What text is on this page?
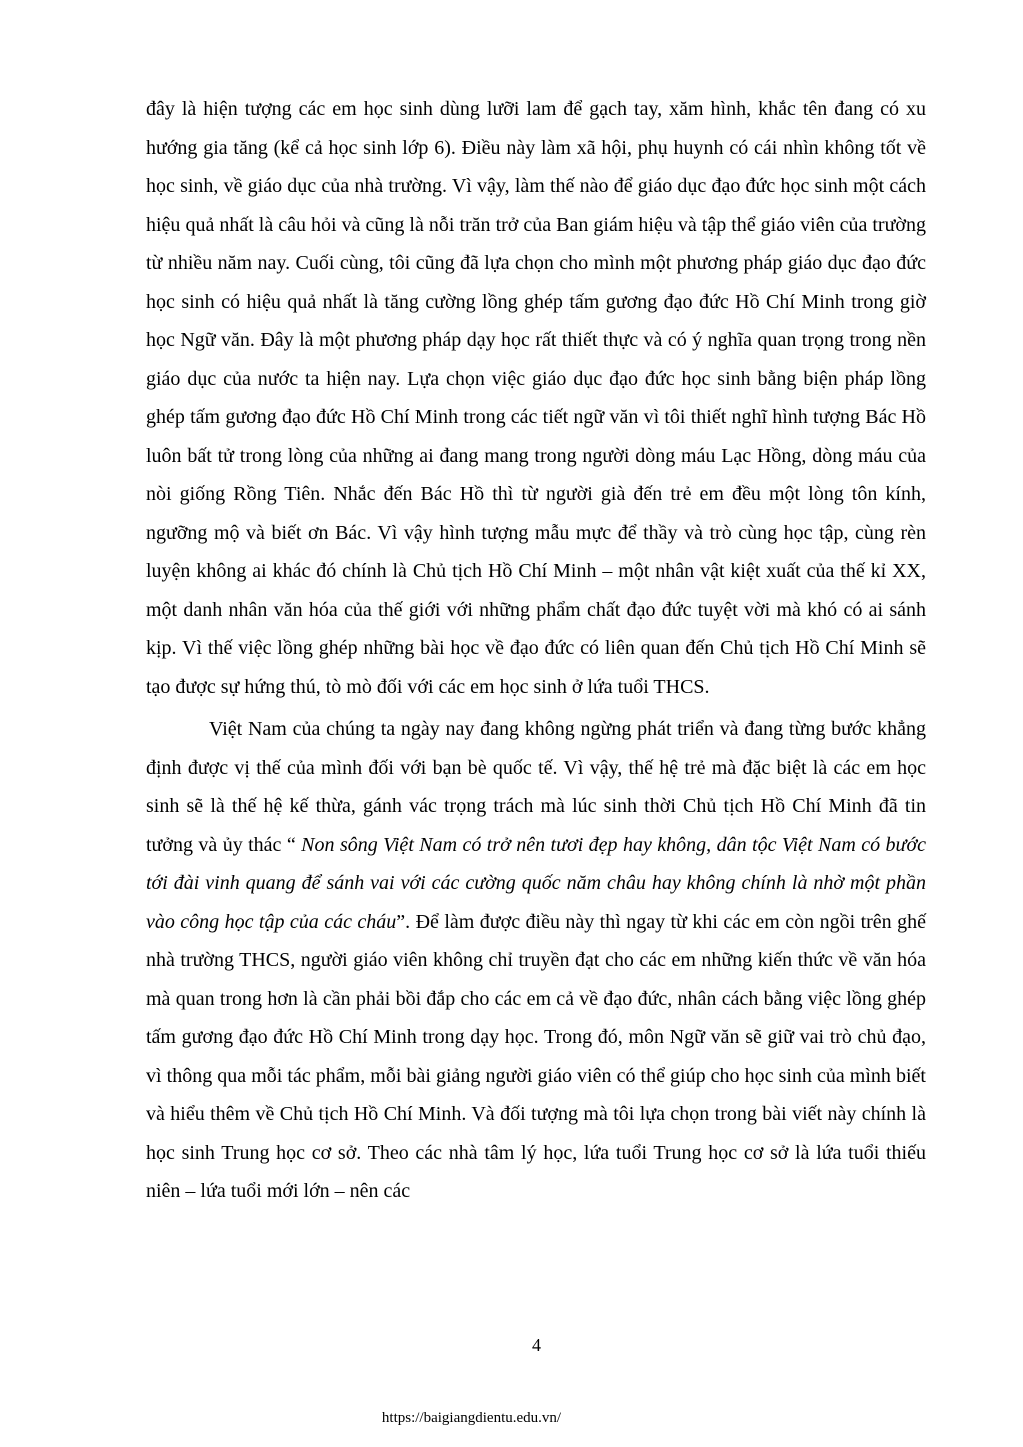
đây là hiện tượng các em học sinh dùng lưỡi lam để gạch tay, xăm hình, khắc tên đang có xu hướng gia tăng (kể cả học sinh lớp 6). Điều này làm xã hội, phụ huynh có cái nhìn không tốt về học sinh, về giáo dục của nhà trường. Vì vậy, làm thế nào để giáo dục đạo đức học sinh một cách hiệu quả nhất là câu hỏi và cũng là nỗi trăn trở của Ban giám hiệu và tập thể giáo viên của trường từ nhiều năm nay. Cuối cùng, tôi cũng đã lựa chọn cho mình một phương pháp giáo dục đạo đức học sinh có hiệu quả nhất là tăng cường lồng ghép tấm gương đạo đức Hồ Chí Minh trong giờ học Ngữ văn. Đây là một phương pháp dạy học rất thiết thực và có ý nghĩa quan trọng trong nền giáo dục của nước ta hiện nay. Lựa chọn việc giáo dục đạo đức học sinh bằng biện pháp lồng ghép tấm gương đạo đức Hồ Chí Minh trong các tiết ngữ văn vì tôi thiết nghĩ hình tượng Bác Hồ luôn bất tử trong lòng của những ai đang mang trong người dòng máu Lạc Hồng, dòng máu của nòi giống Rồng Tiên. Nhắc đến Bác Hồ thì từ người già đến trẻ em đều một lòng tôn kính, ngưỡng mộ và biết ơn Bác. Vì vậy hình tượng mẫu mực để thầy và trò cùng học tập, cùng rèn luyện không ai khác đó chính là Chủ tịch Hồ Chí Minh – một nhân vật kiệt xuất của thế kỉ XX, một danh nhân văn hóa của thế giới với những phẩm chất đạo đức tuyệt vời mà khó có ai sánh kịp. Vì thế việc lồng ghép những bài học về đạo đức có liên quan đến Chủ tịch Hồ Chí Minh sẽ tạo được sự hứng thú, tò mò đối với các em học sinh ở lứa tuổi THCS.

Việt Nam của chúng ta ngày nay đang không ngừng phát triển và đang từng bước khẳng định được vị thế của mình đối với bạn bè quốc tế. Vì vậy, thế hệ trẻ mà đặc biệt là các em học sinh sẽ là thế hệ kế thừa, gánh vác trọng trách mà lúc sinh thời Chủ tịch Hồ Chí Minh đã tin tưởng và ủy thác “ Non sông Việt Nam có trở nên tươi đẹp hay không, dân tộc Việt Nam có bước tới đài vinh quang để sánh vai với các cường quốc năm châu hay không chính là nhờ một phần vào công học tập của các cháu”. Để làm được điều này thì ngay từ khi các em còn ngồi trên ghế nhà trường THCS, người giáo viên không chỉ truyền đạt cho các em những kiến thức về văn hóa mà quan trong hơn là cần phải bồi đắp cho các em cả về đạo đức, nhân cách bằng việc lồng ghép tấm gương đạo đức Hồ Chí Minh trong dạy học. Trong đó, môn Ngữ văn sẽ giữ vai trò chủ đạo, vì thông qua mỗi tác phẩm, mỗi bài giảng người giáo viên có thể giúp cho học sinh của mình biết và hiểu thêm về Chủ tịch Hồ Chí Minh. Và đối tượng mà tôi lựa chọn trong bài viết này chính là học sinh Trung học cơ sở. Theo các nhà tâm lý học, lứa tuổi Trung học cơ sở là lứa tuổi thiếu niên – lứa tuổi mới lớn – nên các

4
https://baigiangdientu.edu.vn/
